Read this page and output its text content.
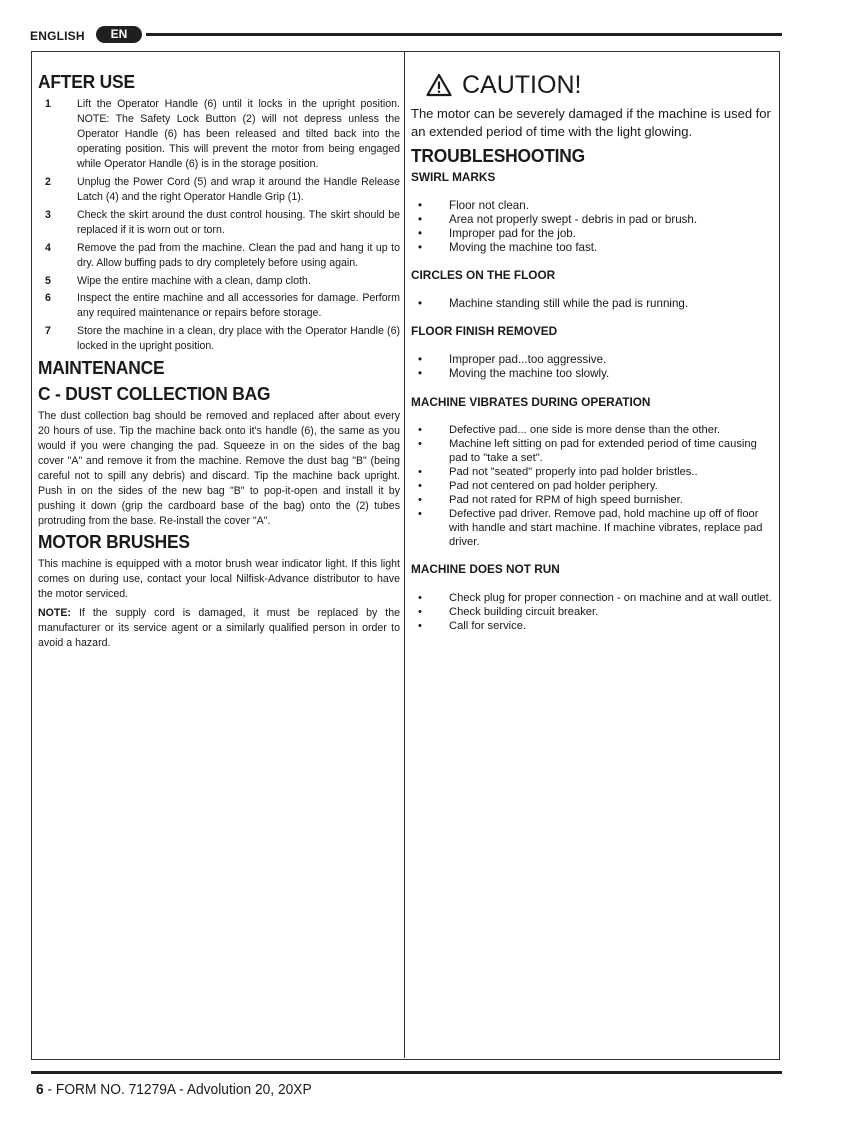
ENGLISH	EN
AFTER USE
1 Lift the Operator Handle (6) until it locks in the upright position. NOTE: The Safety Lock Button (2) will not depress unless the Operator Handle (6) has been released and tilted back into the operating position. This will prevent the motor from being engaged while Operator Handle (6) is in the storage position.
2 Unplug the Power Cord (5) and wrap it around the Handle Release Latch (4) and the right Operator Handle Grip (1).
3 Check the skirt around the dust control housing. The skirt should be replaced if it is worn out or torn.
4 Remove the pad from the machine. Clean the pad and hang it up to dry. Allow buffing pads to dry completely before using again.
5 Wipe the entire machine with a clean, damp cloth.
6 Inspect the entire machine and all accessories for damage. Perform any required maintenance or repairs before storage.
7 Store the machine in a clean, dry place with the Operator Handle (6) locked in the upright position.
MAINTENANCE
C - DUST COLLECTION BAG

The dust collection bag should be removed and replaced after about every 20 hours of use. Tip the machine back onto it's handle (6), the same as you would if you were changing the pad. Squeeze in on the sides of the bag cover "A" and remove it from the machine. Remove the dust bag "B" (being careful not to spill any debris) and discard. Tip the machine back upright. Push in on the sides of the new bag "B" to pop-it-open and install it by pushing it down (grip the cardboard base of the bag) onto the (2) tubes protruding from the base. Re-install the cover "A".

MOTOR BRUSHES

This machine is equipped with a motor brush wear indicator light. If this light comes on during use, contact your local Nilfisk-Advance distributor to have the motor serviced.

NOTE: If the supply cord is damaged, it must be replaced by the manufacturer or its service agent or a similarly qualified person in order to avoid a hazard.

CAUTION!

The motor can be severely damaged if the machine is used for an extended period of time with the light glowing.

TROUBLESHOOTING
SWIRL MARKS
• Floor not clean.
• Area not properly swept - debris in pad or brush.
• Improper pad for the job.
• Moving the machine too fast.
CIRCLES ON THE FLOOR
• Machine standing still while the pad is running.
FLOOR FINISH REMOVED
• Improper pad...too aggressive.
• Moving the machine too slowly.
MACHINE VIBRATES DURING OPERATION
• Defective pad... one side is more dense than the other.
• Machine left sitting on pad for extended period of time causing pad to "take a set".
• Pad not "seated" properly into pad holder bristles..
• Pad not centered on pad holder periphery.
• Pad not rated for RPM of high speed burnisher.
• Defective pad driver. Remove pad, hold machine up off of floor with handle and start machine. If machine vibrates, replace pad driver.
MACHINE DOES NOT RUN
• Check plug for proper connection - on machine and at wall outlet.
• Check building circuit breaker.
• Call for service.
6 - FORM NO. 71279A - Advolution 20, 20XP
